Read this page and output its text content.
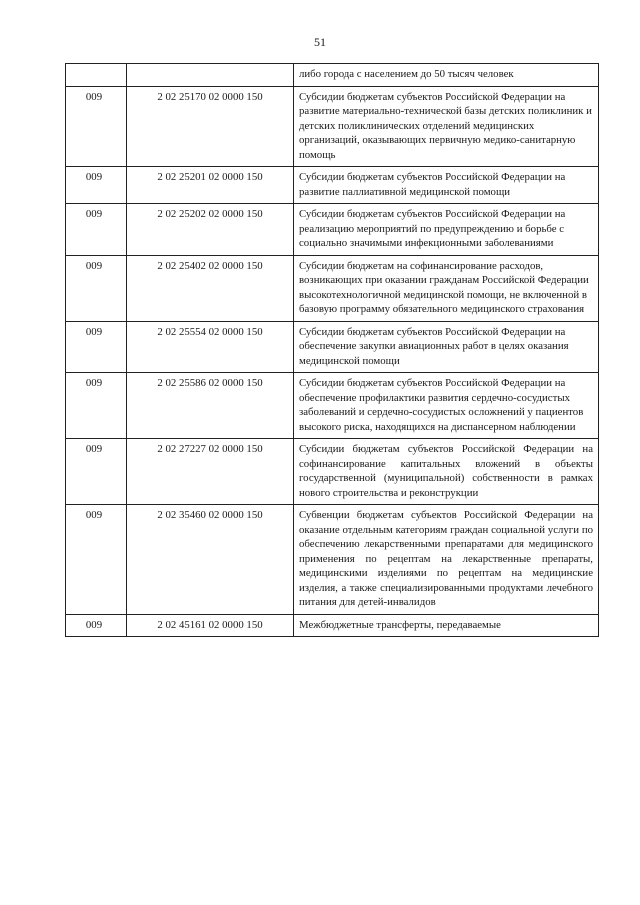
51
		либо города с населением до 50 тысяч человек
009	2 02 25170 02 0000 150	Субсидии бюджетам субъектов Российской Федерации на развитие материально-технической базы детских поликлиник и детских поликлинических отделений медицинских организаций, оказывающих первичную медико-санитарную помощь
009	2 02 25201 02 0000 150	Субсидии бюджетам субъектов Российской Федерации на развитие паллиативной медицинской помощи
009	2 02 25202 02 0000 150	Субсидии бюджетам субъектов Российской Федерации на реализацию мероприятий по предупреждению и борьбе с социально значимыми инфекционными заболеваниями
009	2 02 25402 02 0000 150	Субсидии бюджетам на софинансирование расходов, возникающих при оказании гражданам Российской Федерации высокотехнологичной медицинской помощи, не включенной в базовую программу обязательного медицинского страхования
009	2 02 25554 02 0000 150	Субсидии бюджетам субъектов Российской Федерации на обеспечение закупки авиационных работ в целях оказания медицинской помощи
009	2 02 25586 02 0000 150	Субсидии бюджетам субъектов Российской Федерации на обеспечение профилактики развития сердечно-сосудистых заболеваний и сердечно-сосудистых осложнений у пациентов высокого риска, находящихся на диспансерном наблюдении
009	2 02 27227 02 0000 150	Субсидии бюджетам субъектов Российской Федерации на софинансирование капитальных вложений в объекты государственной (муниципальной) собственности в рамках нового строительства и реконструкции
009	2 02 35460 02 0000 150	Субвенции бюджетам субъектов Российской Федерации на оказание отдельным категориям граждан социальной услуги по обеспечению лекарственными препаратами для медицинского применения по рецептам на лекарственные препараты, медицинскими изделиями по рецептам на медицинские изделия, а также специализированными продуктами лечебного питания для детей-инвалидов
009	2 02 45161 02 0000 150	Межбюджетные трансферты, передаваемые
